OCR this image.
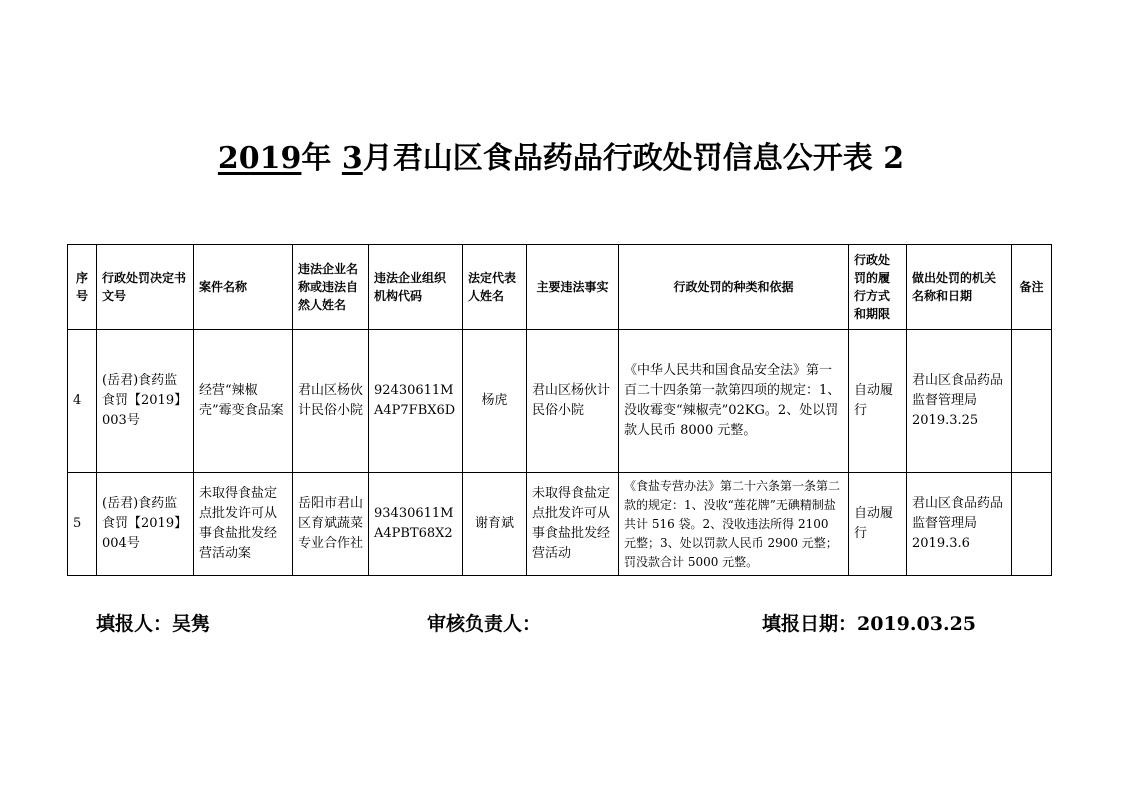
2019年 3月君山区食品药品行政处罚信息公开表 2
序号	行政处罚决定书文号	案件名称	违法企业名称或违法自然人姓名	违法企业组织机构代码	法定代表人姓名	主要违法事实	行政处罚的种类和依据	行政处罚的履行方式和期限	做出处罚的机关名称和日期	备注
4	(岳君)食药监食罚【2019】003号	经营“辣椒壳”霉变食品案	君山区杨伙计民俗小院	92430611MA4P7FBX6D	杨虎	君山区杨伙计民俗小院	《中华人民共和国食品安全法》第一百二十四条第一款第四项的规定：1、没收霉变“辣椒壳”02KG。2、处以罚款人民币 8000 元整。	自动履行	君山区食品药品监督管理局 2019.3.25	
5	(岳君)食药监食罚【2019】004号	未取得食盐定点批发许可从事食盐批发经营活动案	岳阳市君山区育斌蔬菜专业合作社	93430611MA4PBT68X2	谢育斌	未取得食盐定点批发许可从事食盐批发经营活动	《食盐专营办法》第二十六条第一条第二款的规定：1、没收“莲花牌”无碘精制盐共计 516 袋。2、没收违法所得 2100 元整；3、处以罚款人民币 2900 元整；罚没款合计 5000 元整。	自动履行	君山区食品药品监督管理局 2019.3.6	
填报人：吴隽	审核负责人：	填报日期：2019.03.25
